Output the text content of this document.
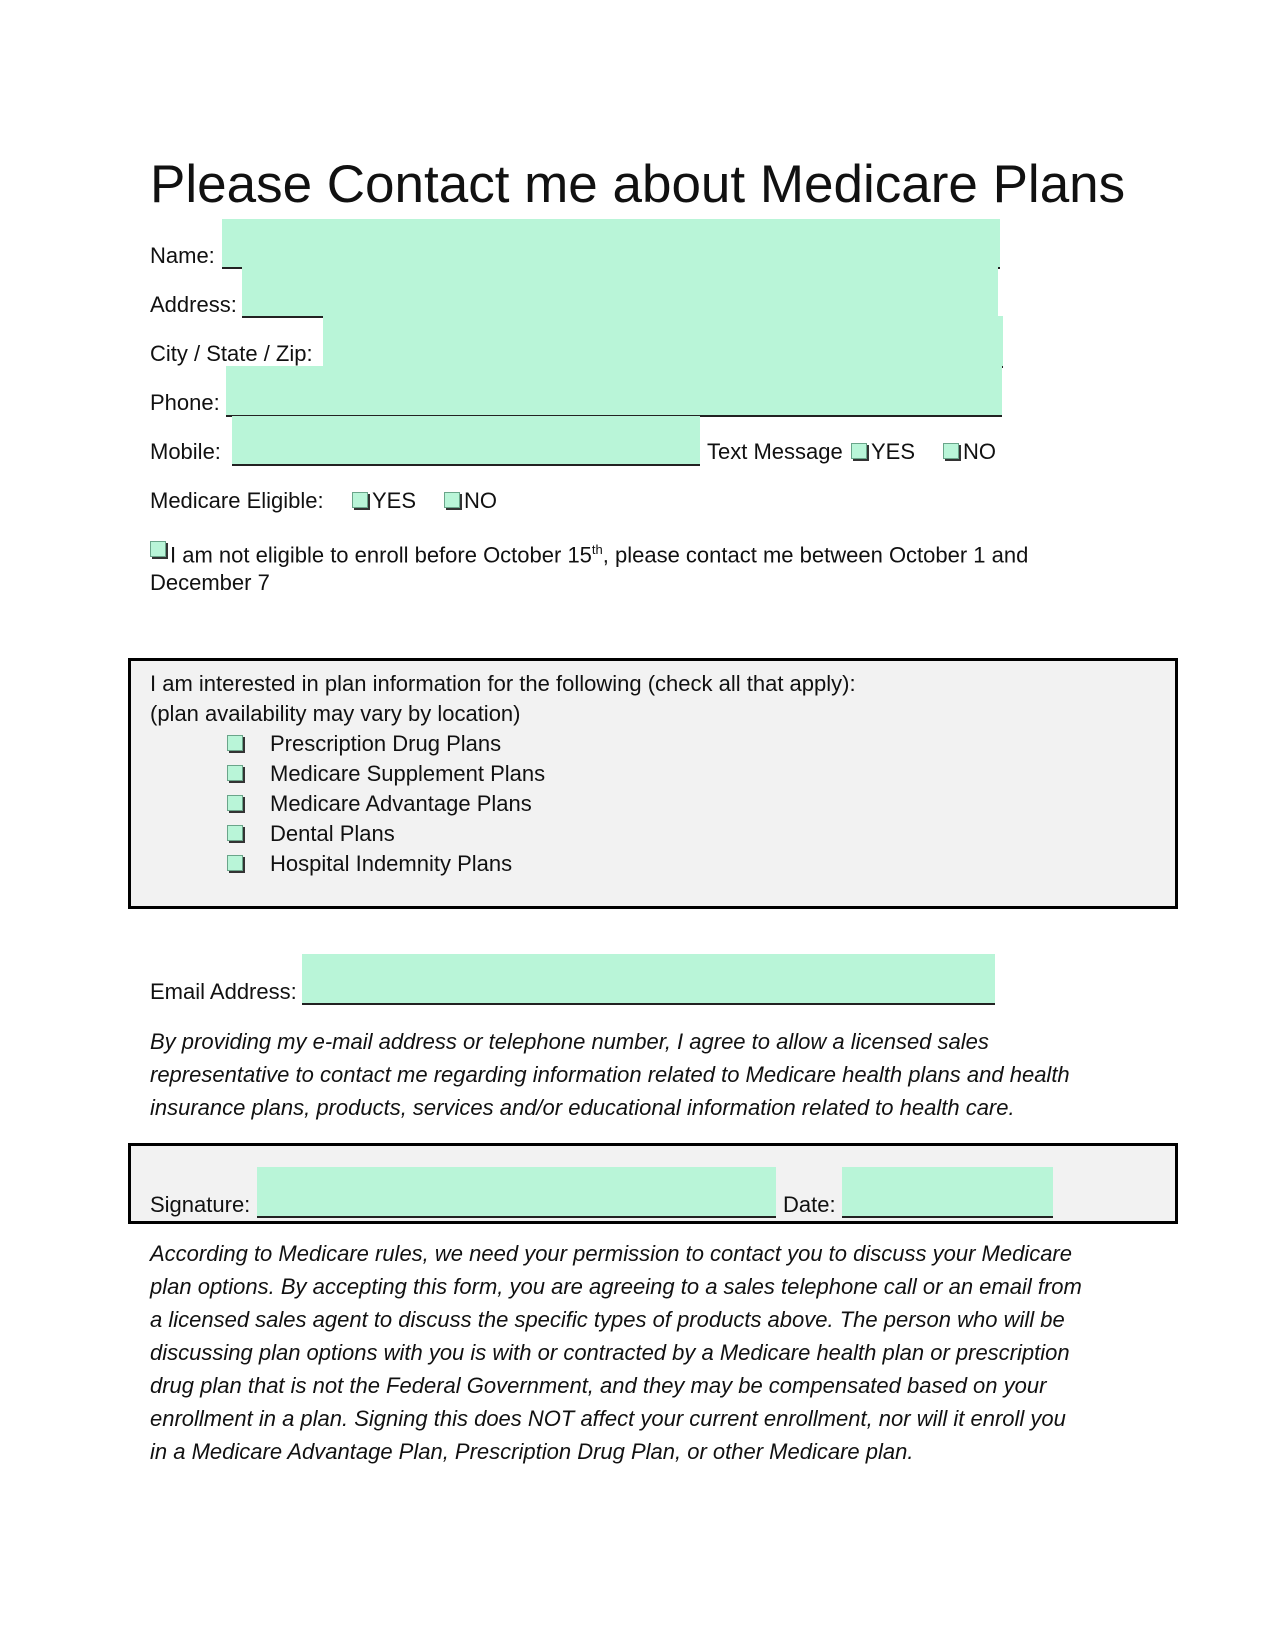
Please Contact me about Medicare Plans
Name:
Address:
City / State / Zip:
Phone:
Mobile:	Text Message YES NO
Medicare Eligible: YES NO
I am not eligible to enroll before October 15th, please contact me between October 1 and
December 7
I am interested in plan information for the following (check all that apply):
(plan availability may vary by location)
Prescription Drug Plans
Medicare Supplement Plans
Medicare Advantage Plans
Dental Plans
Hospital Indemnity Plans
Email Address:
By providing my e-mail address or telephone number, I agree to allow a licensed sales
representative to contact me regarding information related to Medicare health plans and health
insurance plans, products, services and/or educational information related to health care.
Signature:	Date:
According to Medicare rules, we need your permission to contact you to discuss your Medicare
plan options. By accepting this form, you are agreeing to a sales telephone call or an email from
a licensed sales agent to discuss the specific types of products above. The person who will be
discussing plan options with you is with or contracted by a Medicare health plan or prescription
drug plan that is not the Federal Government, and they may be compensated based on your
enrollment in a plan. Signing this does NOT affect your current enrollment, nor will it enroll you
in a Medicare Advantage Plan, Prescription Drug Plan, or other Medicare plan.
